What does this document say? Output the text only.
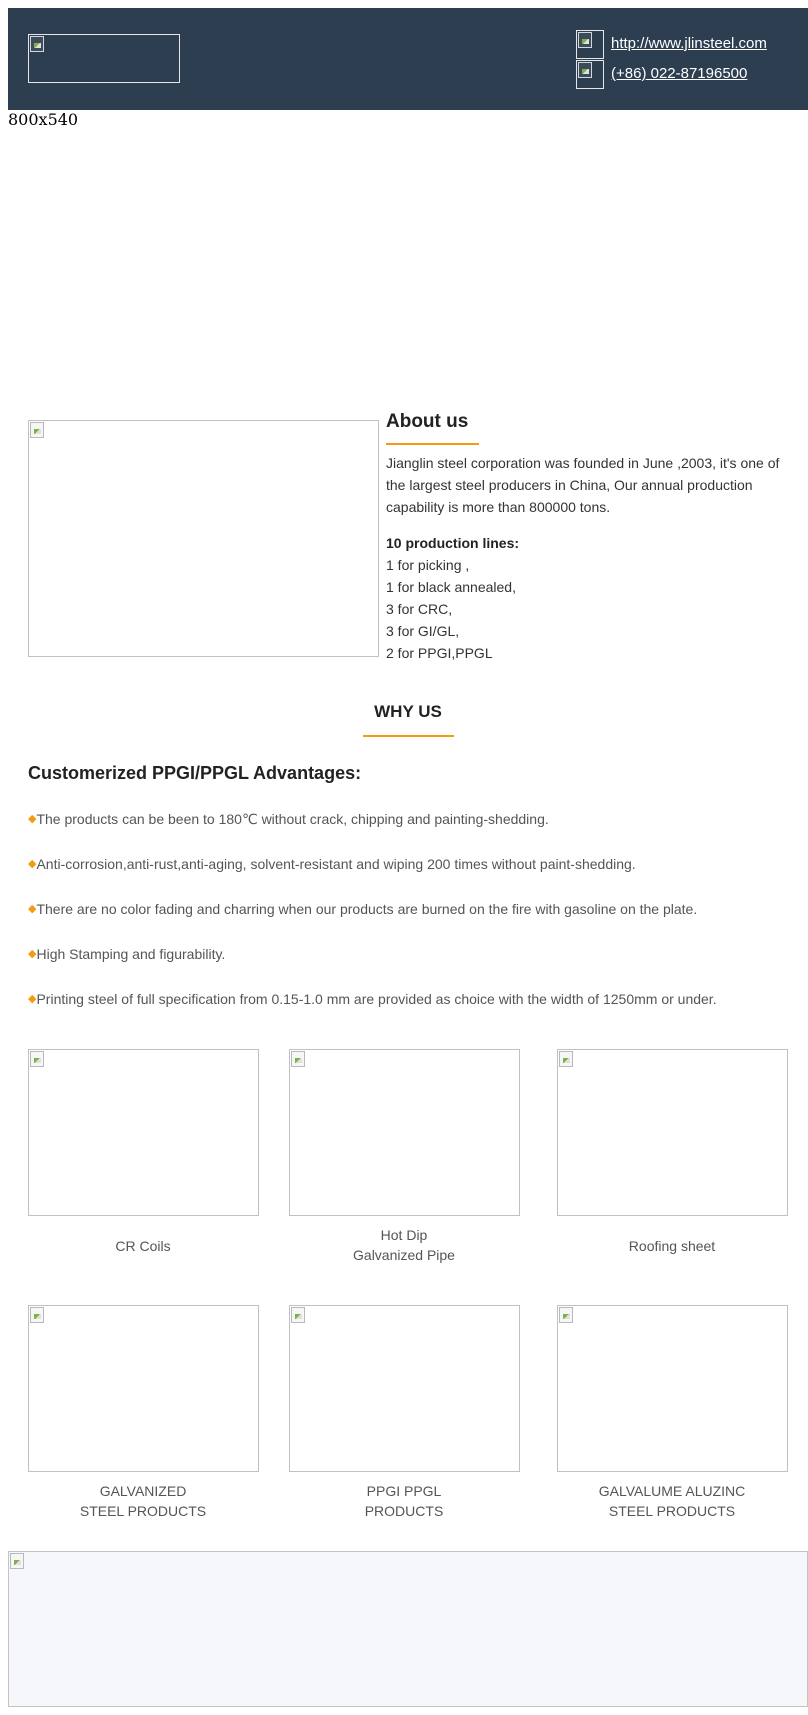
http://www.jlinsteel.com
(+86) 022-87196500
800x540
About us

Jianglin steel corporation was founded in June ,2003, it's one of the largest steel producers in China, Our annual production capability is more than 800000 tons.

10 production lines:

1 for picking ,
1 for black annealed,
3 for CRC,
3 for GI/GL,
2 for PPGI,PPGL
WHY US
Customerized PPGI/PPGL Advantages:
◆The products can be been to 180℃ without crack, chipping and painting-shedding.
◆Anti-corrosion,anti-rust,anti-aging, solvent-resistant and wiping 200 times without paint-shedding.
◆There are no color fading and charring when our products are burned on the fire with gasoline on the plate.
◆High Stamping and figurability.
◆Printing steel of full specification from 0.15-1.0 mm are provided as choice with the width of 1250mm or under.
CR Coils
Hot Dip
Galvanized Pipe
Roofing sheet
GALVANIZED
STEEL PRODUCTS
PPGI PPGL
PRODUCTS
GALVALUME ALUZINC
STEEL PRODUCTS
